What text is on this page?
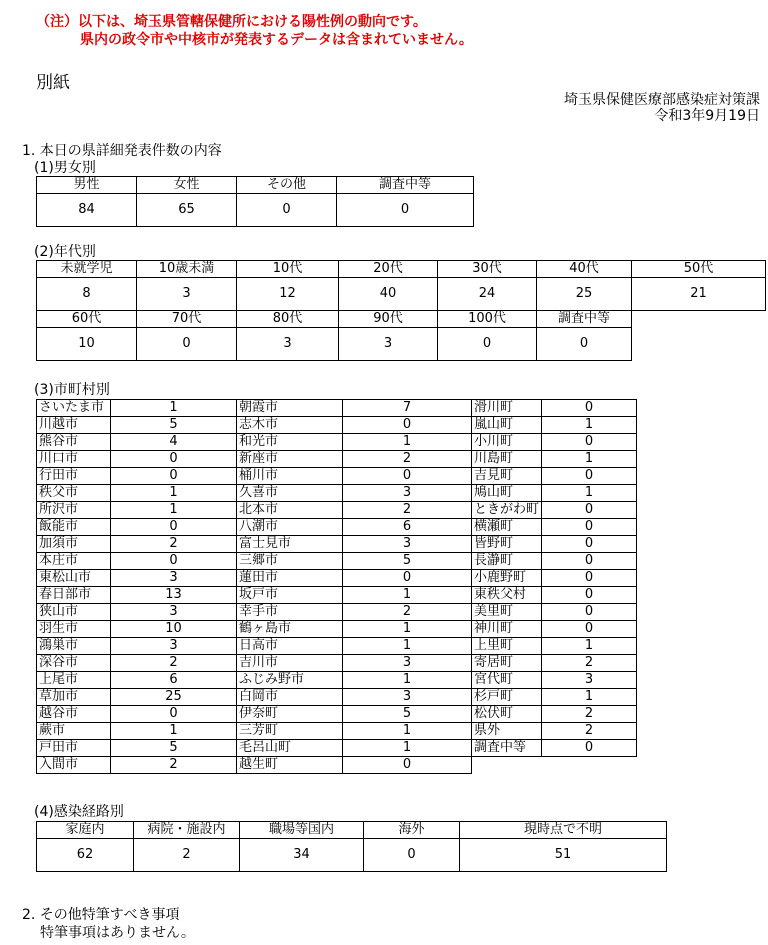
（注）以下は、埼玉県管轄保健所における陽性例の動向です。
県内の政令市や中核市が発表するデータは含まれていません。
別紙
埼玉県保健医療部感染症対策課
令和3年9月19日
1. 本日の県詳細発表件数の内容
(1)男女別
男性	女性	その他	調査中等
84	65	0	0
(2)年代別
未就学児	10歳未満	10代	20代	30代	40代	50代
8	3	12	40	24	25	21
60代	70代	80代	90代	100代	調査中等	
10	0	3	3	0	0	
(3)市町村別
さいたま市	1	朝霞市	7	滑川町	0
川越市	5	志木市	0	嵐山町	1
熊谷市	4	和光市	1	小川町	0
川口市	0	新座市	2	川島町	1
行田市	0	桶川市	0	吉見町	0
秩父市	1	久喜市	3	鳩山町	1
所沢市	1	北本市	2	ときがわ町	0
飯能市	0	八潮市	6	横瀬町	0
加須市	2	富士見市	3	皆野町	0
本庄市	0	三郷市	5	長瀞町	0
東松山市	3	蓮田市	0	小鹿野町	0
春日部市	13	坂戸市	1	東秩父村	0
狭山市	3	幸手市	2	美里町	0
羽生市	10	鶴ヶ島市	1	神川町	0
鴻巣市	3	日高市	1	上里町	1
深谷市	2	吉川市	3	寄居町	2
上尾市	6	ふじみ野市	1	宮代町	3
草加市	25	白岡市	3	杉戸町	1
越谷市	0	伊奈町	5	松伏町	2
蕨市	1	三芳町	1	県外	2
戸田市	5	毛呂山町	1	調査中等	0
入間市	2	越生町	0		
(4)感染経路別
家庭内	病院・施設内	職場等国内	海外	現時点で不明
62	2	34	0	51
2. その他特筆すべき事項
特筆事項はありません。
